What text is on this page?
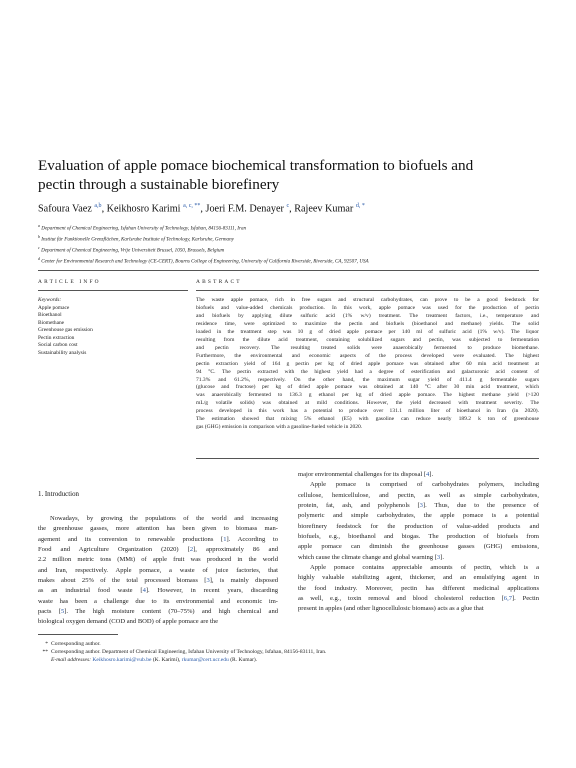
Evaluation of apple pomace biochemical transformation to biofuels and
pectin through a sustainable biorefinery
Safoura Vaez $^{a,b}$, Keikhosro Karimi $^{a, c, **}$, Joeri F.M. Denayer $^c$, Rajeev Kumar $^{d, *}$
$^a$ Department of Chemical Engineering, Isfahan University of Technology, Isfahan, 84156-83111, Iran
$^b$ Institut für Funktionelle Grenzflächen, Karlsruhe Institute of Technology, Karlsruhe, Germany
$^c$ Department of Chemical Engineering, Vrije Universiteit Brussel, 1050, Brussels, Belgium
$^d$ Center for Environmental Research and Technology (CE-CERT), Bourns College of Engineering, University of California Riverside, Riverside, CA, 92507, USA
ARTICLE INFO	ABSTRACT
Keywords:
Apple pomace
Bioethanol
Biomethane
Greenhouse gas emission
Pectin extraction
Social carbon cost
Sustainability analysis
The waste apple pomace, rich in free sugars and structural carbohydrates, can prove to be a good feedstock for
biofuels and value-added chemicals production. In this work, apple pomace was used for the production of pectin
and biofuels by applying dilute sulfuric acid (1% w/v) treatment. The treatment factors, i.e., temperature and
residence time, were optimized to maximize the pectin and biofuels (bioethanol and methane) yields. The solid
loaded in the treatment step was 10 g of dried apple pomace per 140 ml of sulfuric acid (1% w/v). The liquor
resulting from the dilute acid treatment, containing solubilized sugars and pectin, was subjected to fermentation
and pectin recovery. The resulting treated solids were anaerobically fermented to produce biomethane.
Furthermore, the environmental and economic aspects of the process developed were evaluated. The highest
pectin extraction yield of 164 g pectin per kg of dried apple pomace was obtained after 60 min acid treatment at
94 °C. The pectin extracted with the highest yield had a degree of esterification and galacturonic acid content of
71.3% and 61.2%, respectively. On the other hand, the maximum sugar yield of 411.4 g fermentable sugars
(glucose and fructose) per kg of dried apple pomace was obtained at 140 °C after 30 min acid treatment, which
was anaerobically fermented to 136.3 g ethanol per kg of dried apple pomace. The highest methane yield (>120
mL/g volatile solids) was obtained at mild conditions. However, the yield decreased with treatment severity. The
process developed in this work has a potential to produce over 131.1 million liter of bioethanol in Iran (in 2020).
The estimation showed that mixing 5% ethanol (E5) with gasoline can reduce nearly 189.2 k ton of greenhouse
gas (GHG) emission in comparison with a gasoline-fueled vehicle in 2020.
1. Introduction
Nowadays, by growing the populations of the world and increasing
the greenhouse gasses, more attention has been given to biomass man-
agement and its conversion to renewable productions [1]. According to
Food and Agriculture Organization (2020) [2], approximately 86 and
2.2 million metric tons (MMt) of apple fruit was produced in the world
and Iran, respectively. Apple pomace, a waste of juice factories, that
makes about 25% of the total processed biomass [3], is mainly disposed
as an industrial food waste [4]. However, in recent years, discarding
waste has been a challenge due to its environmental and economic im-
pacts [5]. The high moisture content (70–75%) and high chemical and
biological oxygen demand (COD and BOD) of apple pomace are the
major environmental challenges for its disposal [4].
Apple pomace is comprised of carbohydrates polymers, including
cellulose, hemicellulose, and pectin, as well as simple carbohydrates,
protein, fat, ash, and polyphenols [3]. Thus, due to the presence of
polymeric and simple carbohydrates, the apple pomace is a potential
biorefinery feedstock for the production of value-added products and
biofuels, e.g., bioethanol and biogas. The production of biofuels from
apple pomace can diminish the greenhouse gasses (GHG) emissions,
which cause the climate change and global warning [3].
Apple pomace contains appreciable amounts of pectin, which is a
highly valuable stabilizing agent, thickener, and an emulsifying agent in
the food industry. Moreover, pectin has different medicinal applications
as well, e.g., toxin removal and blood cholesterol reduction [6,7]. Pectin
present in apples (and other lignocellulosic biomass) acts as a glue that
* Corresponding author.
** Corresponding author. Department of Chemical Engineering, Isfahan University of Technology, Isfahan, 84156-83111, Iran.
E-mail addresses: Keikhosro.karimi@vub.be (K. Karimi), rkumar@cert.ucr.edu (R. Kumar).
